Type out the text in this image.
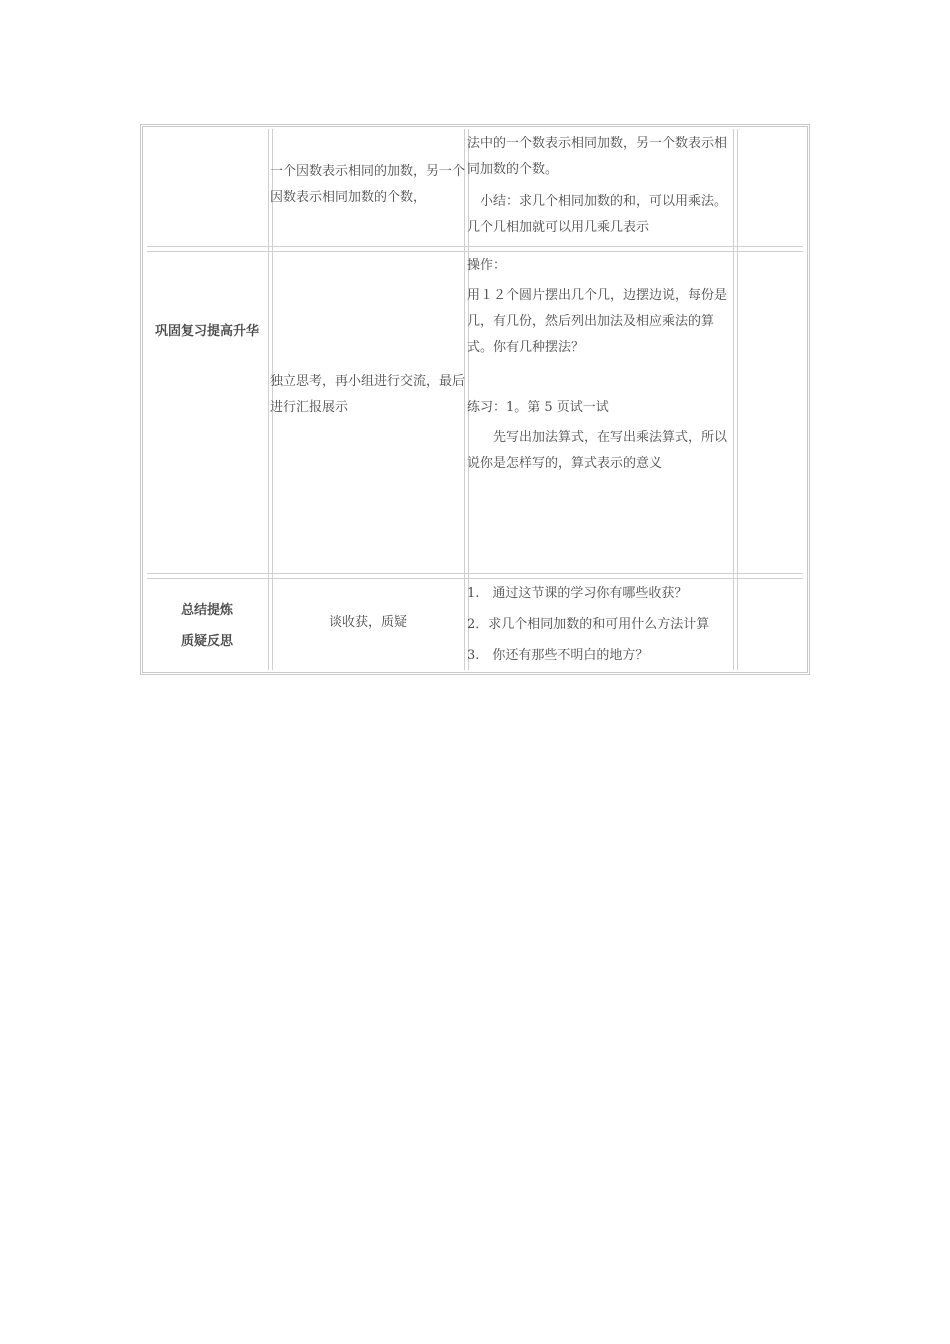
一个因数表示相同的加数，另一个因数表示相同加数的个数，

法中的一个数表示相同加数，另一个数表示相同加数的个数。

小结：求几个相同加数的和，可以用乘法。几个几相加就可以用几乘几表示

巩固复习提高升华

独立思考，再小组进行交流，最后进行汇报展示

操作：

用１２个圆片摆出几个几，边摆边说，每份是几，有几份，然后列出加法及相应乘法的算式。你有几种摆法？

练习：1。第 5 页试一试

先写出加法算式，在写出乘法算式，所以说你是怎样写的，算式表示的意义

总结提炼
质疑反思
谈收获，质疑

1.　通过这节课的学习你有哪些收获？

2．求几个相同加数的和可用什么方法计算

3.　你还有那些不明白的地方？
